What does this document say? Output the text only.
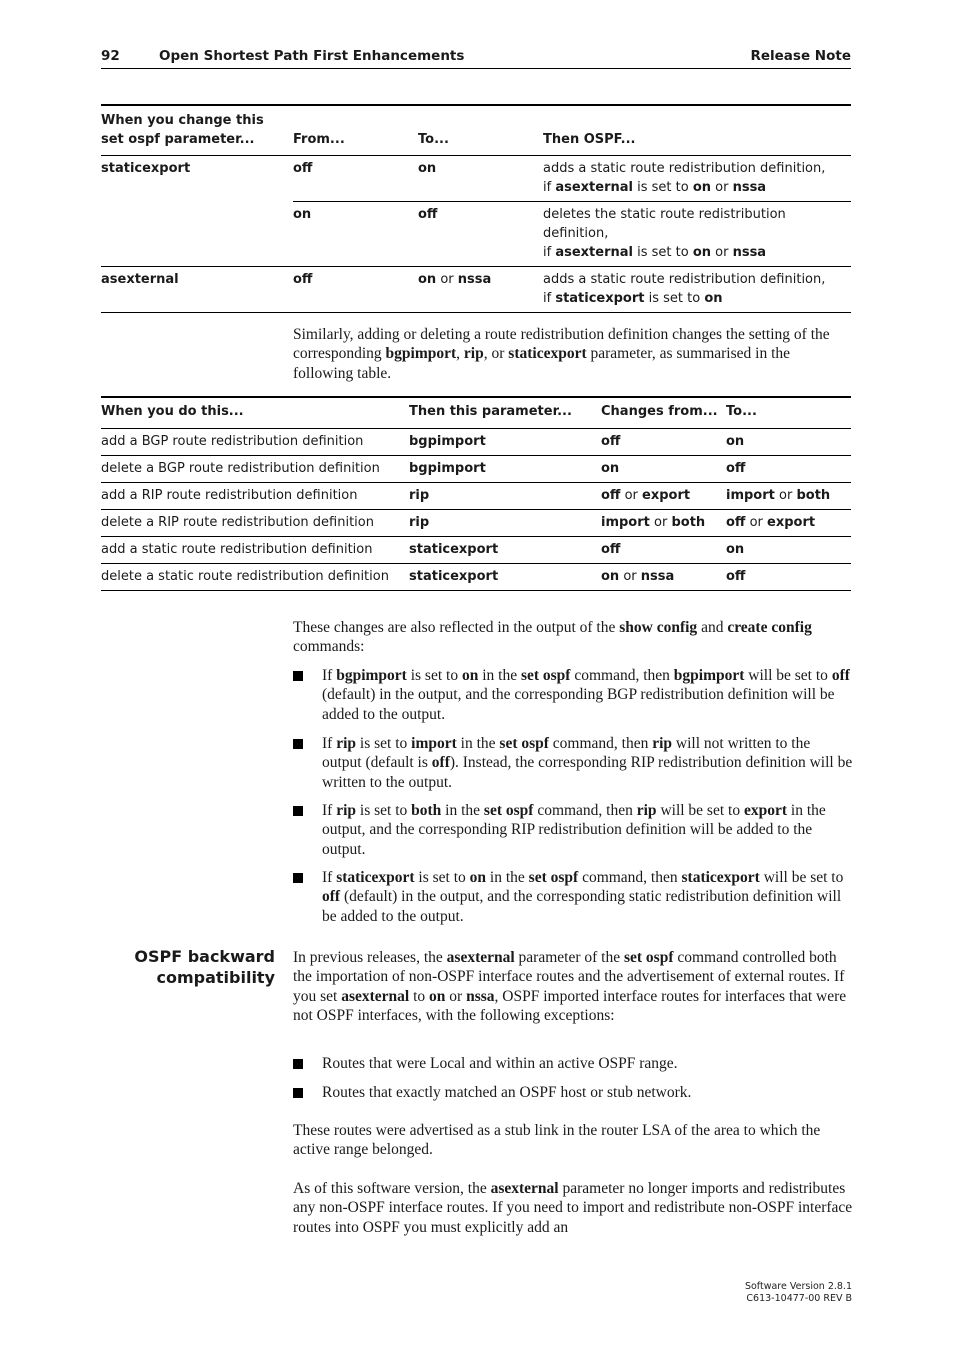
92	Open Shortest Path First Enhancements	Release Note
When you change this
set ospf parameter...	From...	To...	Then OSPF...
staticexport	off	on	adds a static route redistribution definition,
if asexternal is set to on or nssa
	on	off	deletes the static route redistribution definition,
if asexternal is set to on or nssa
asexternal	off	on or nssa	adds a static route redistribution definition,
if staticexport is set to on

Similarly, adding or deleting a route redistribution definition changes the setting of the corresponding bgpimport, rip, or staticexport parameter, as summarised in the following table.

When you do this...	Then this parameter...	Changes from...	To...
add a BGP route redistribution definition	bgpimport	off	on
delete a BGP route redistribution definition	bgpimport	on	off
add a RIP route redistribution definition	rip	off or export	import or both
delete a RIP route redistribution definition	rip	import or both	off or export
add a static route redistribution definition	staticexport	off	on
delete a static route redistribution definition	staticexport	on or nssa	off

These changes are also reflected in the output of the show config and create config commands:

If bgpimport is set to on in the set ospf command, then bgpimport will be set to off (default) in the output, and the corresponding BGP redistribution definition will be added to the output.
If rip is set to import in the set ospf command, then rip will not written to the output (default is off). Instead, the corresponding RIP redistribution definition will be written to the output.
If rip is set to both in the set ospf command, then rip will be set to export in the output, and the corresponding RIP redistribution definition will be added to the output.
If staticexport is set to on in the set ospf command, then staticexport will be set to off (default) in the output, and the corresponding static redistribution definition will be added to the output.
OSPF backward
compatibility

In previous releases, the asexternal parameter of the set ospf command controlled both the importation of non-OSPF interface routes and the advertisement of external routes. If you set asexternal to on or nssa, OSPF imported interface routes for interfaces that were not OSPF interfaces, with the following exceptions:

Routes that were Local and within an active OSPF range.
Routes that exactly matched an OSPF host or stub network.

These routes were advertised as a stub link in the router LSA of the area to which the active range belonged.

As of this software version, the asexternal parameter no longer imports and redistributes any non-OSPF interface routes. If you need to import and redistribute non-OSPF interface routes into OSPF you must explicitly add an

Software Version 2.8.1
C613-10477-00 REV B
